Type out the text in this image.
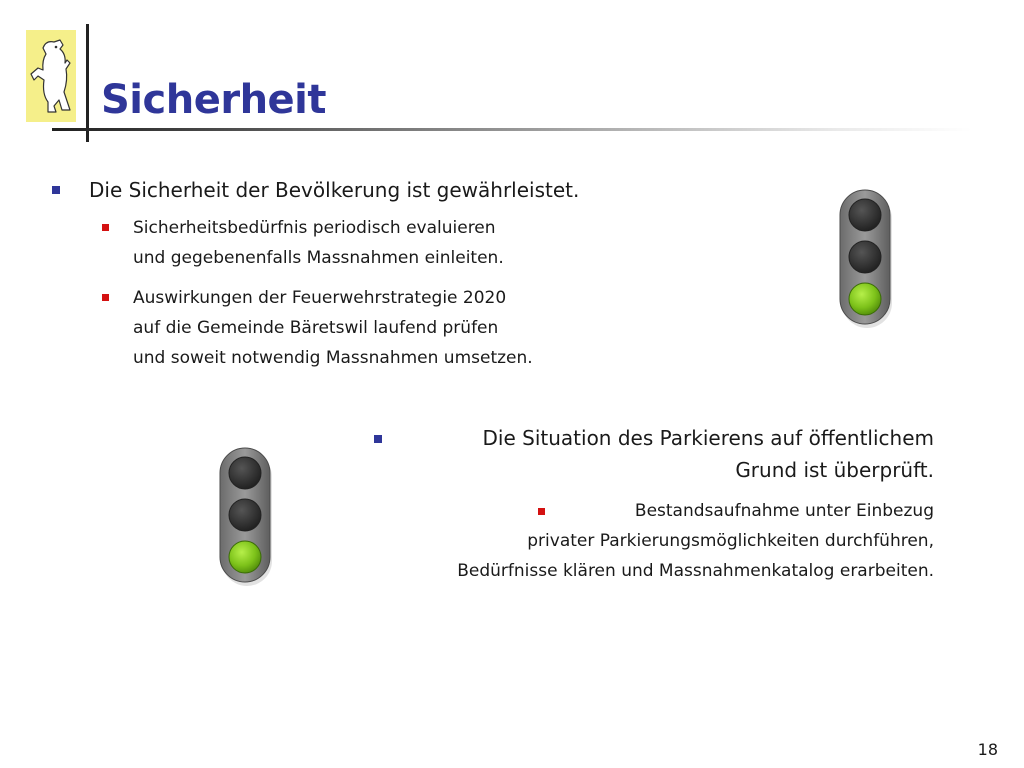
Sicherheit
Die Sicherheit der Bevölkerung ist gewährleistet.
Sicherheitsbedürfnis periodisch evaluieren
und gegebenenfalls Massnahmen einleiten.
Auswirkungen der Feuerwehrstrategie 2020
auf die Gemeinde Bäretswil laufend prüfen
und soweit notwendig Massnahmen umsetzen.
Die Situation des Parkierens auf öffentlichem
Grund ist überprüft.
Bestandsaufnahme unter Einbezug
privater Parkierungsmöglichkeiten durchführen,
Bedürfnisse klären und Massnahmenkatalog erarbeiten.
18
